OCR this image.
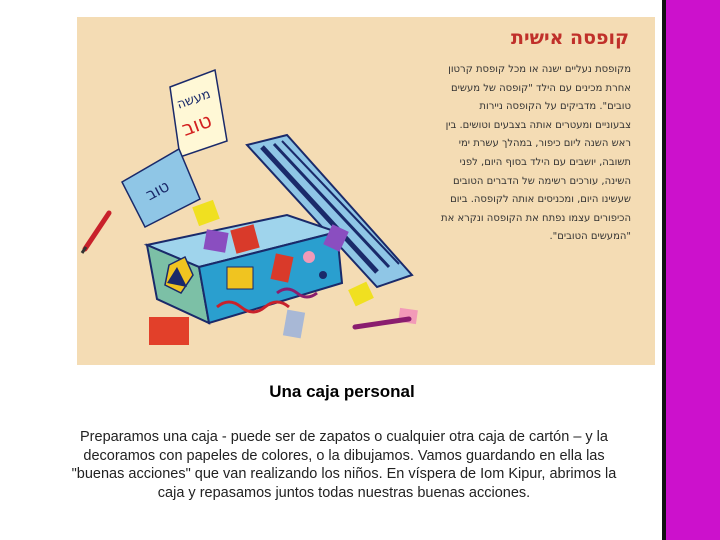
מעשה
טוב
טוב

קופסה אישית

מקופסת נעליים ישנה או מכל קופסת קרטון אחרת מכינים עם הילד "קופסה של מעשים טובים". מדביקים על הקופסה ניירות צבעוניים ומעטרים אותה בצבעים וטושים. בין ראש השנה ליום כיפור, במהלך עשרת ימי תשובה, יושבים עם הילד בסוף היום, לפני השינה, עורכים רשימה של הדברים הטובים שעשינו היום, ומכניסים אותה לקופסה. ביום הכיפורים עצמו נפתח את הקופסה ונקרא את "המעשים הטובים".

Una caja personal

Preparamos una caja - puede ser de zapatos o cualquier otra caja de cartón – y la decoramos con papeles de colores, o la dibujamos. Vamos guardando en ella las "buenas acciones" que van realizando los niños. En víspera de Iom Kipur, abrimos la caja y repasamos juntos todas nuestras buenas acciones.
